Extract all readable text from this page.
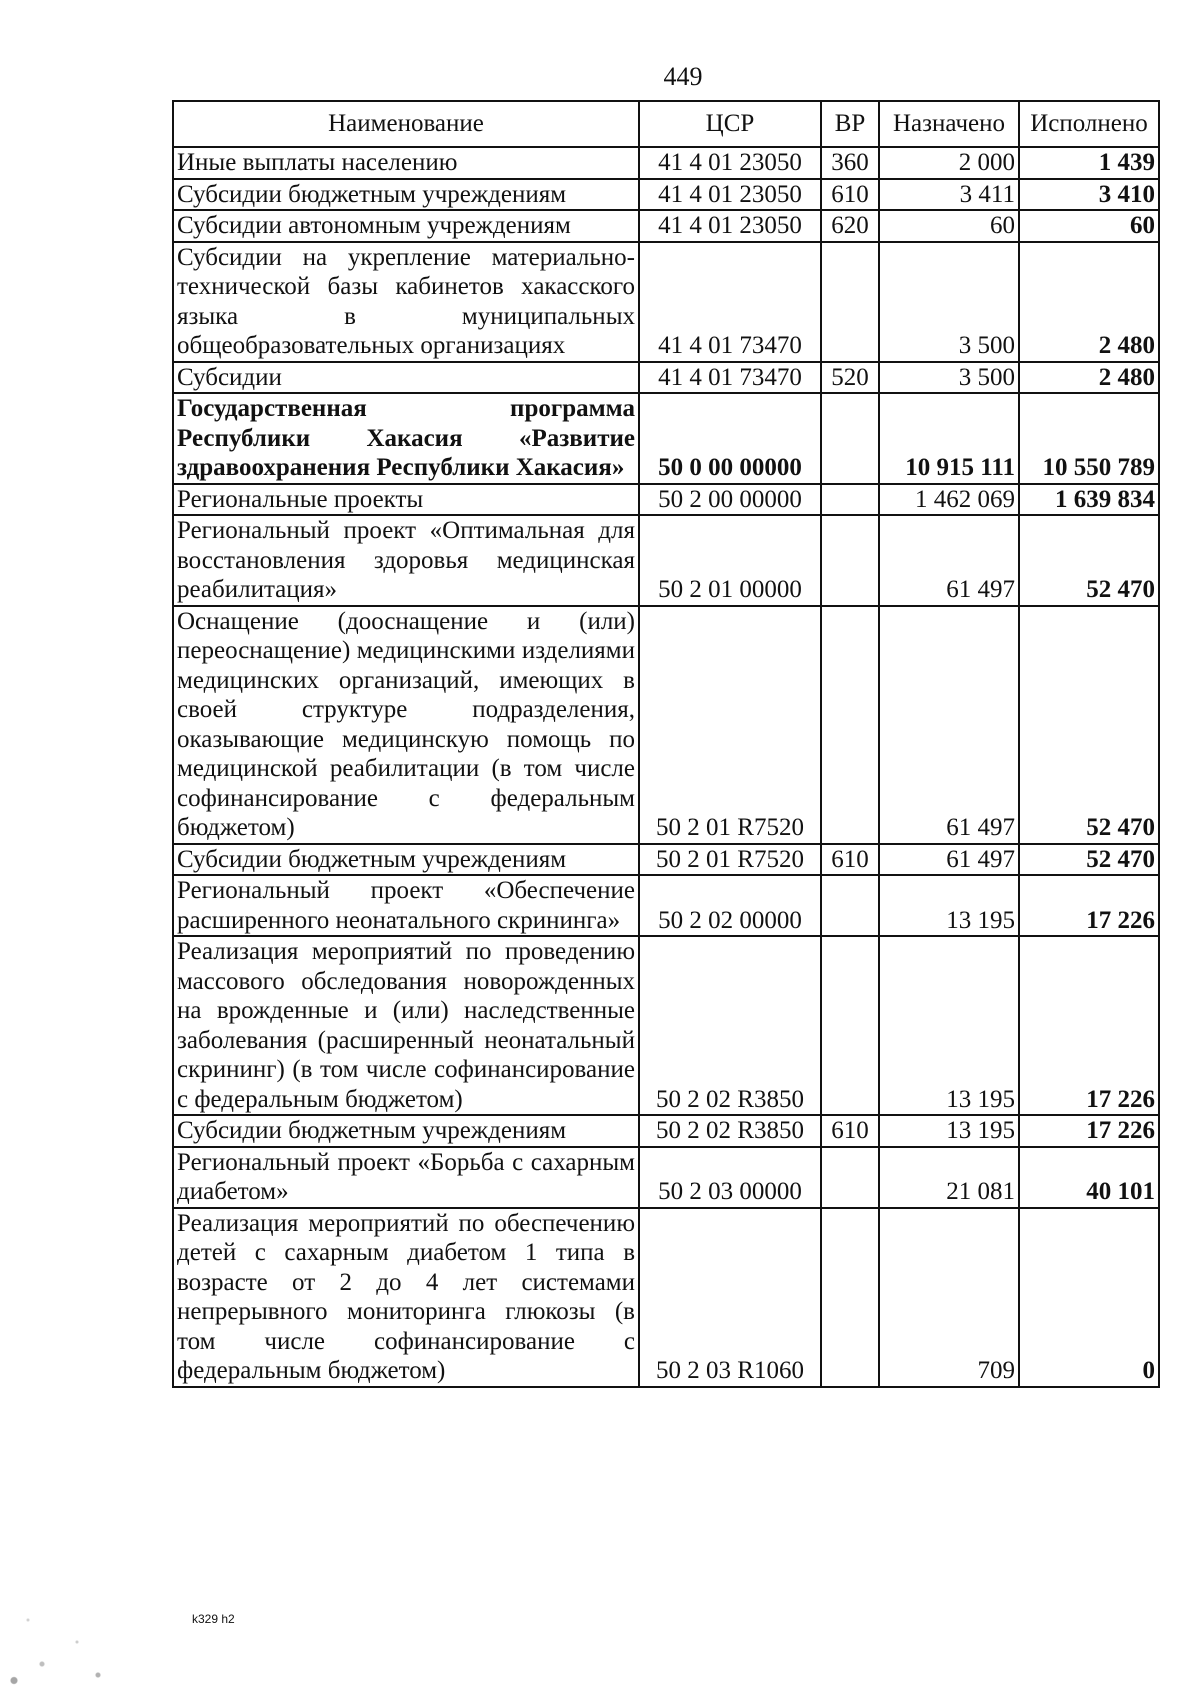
449
Наименование	ЦСР	ВР	Назначено	Исполнено
Иные выплаты населению	41 4 01 23050	360	2 000	1 439
Субсидии бюджетным учреждениям	41 4 01 23050	610	3 411	3 410
Субсидии автономным учреждениям	41 4 01 23050	620	60	60
Субсидии на укрепление материально-технической базы кабинетов хакасского языка в муниципальных общеобразовательных организациях	41 4 01 73470		3 500	2 480
Субсидии	41 4 01 73470	520	3 500	2 480
Государственная программа Республики Хакасия «Развитие здравоохранения Республики Хакасия»	50 0 00 00000		10 915 111	10 550 789
Региональные проекты	50 2 00 00000		1 462 069	1 639 834
Региональный проект «Оптимальная для восстановления здоровья медицинская реабилитация»	50 2 01 00000		61 497	52 470
Оснащение (дооснащение и (или) переоснащение) медицинскими изделиями медицинских организаций, имеющих в своей структуре подразделения, оказывающие медицинскую помощь по медицинской реабилитации (в том числе софинансирование с федеральным бюджетом)	50 2 01 R7520		61 497	52 470
Субсидии бюджетным учреждениям	50 2 01 R7520	610	61 497	52 470
Региональный проект «Обеспечение расширенного неонатального скрининга»	50 2 02 00000		13 195	17 226
Реализация мероприятий по проведению массового обследования новорожденных на врожденные и (или) наследственные заболевания (расширенный неонатальный скрининг) (в том числе софинансирование с федеральным бюджетом)	50 2 02 R3850		13 195	17 226
Субсидии бюджетным учреждениям	50 2 02 R3850	610	13 195	17 226
Региональный проект «Борьба с сахарным диабетом»	50 2 03 00000		21 081	40 101
Реализация мероприятий по обеспечению детей с сахарным диабетом 1 типа в возрасте от 2 до 4 лет системами непрерывного мониторинга глюкозы (в том числе софинансирование с федеральным бюджетом)	50 2 03 R1060		709	0
k329 h2
